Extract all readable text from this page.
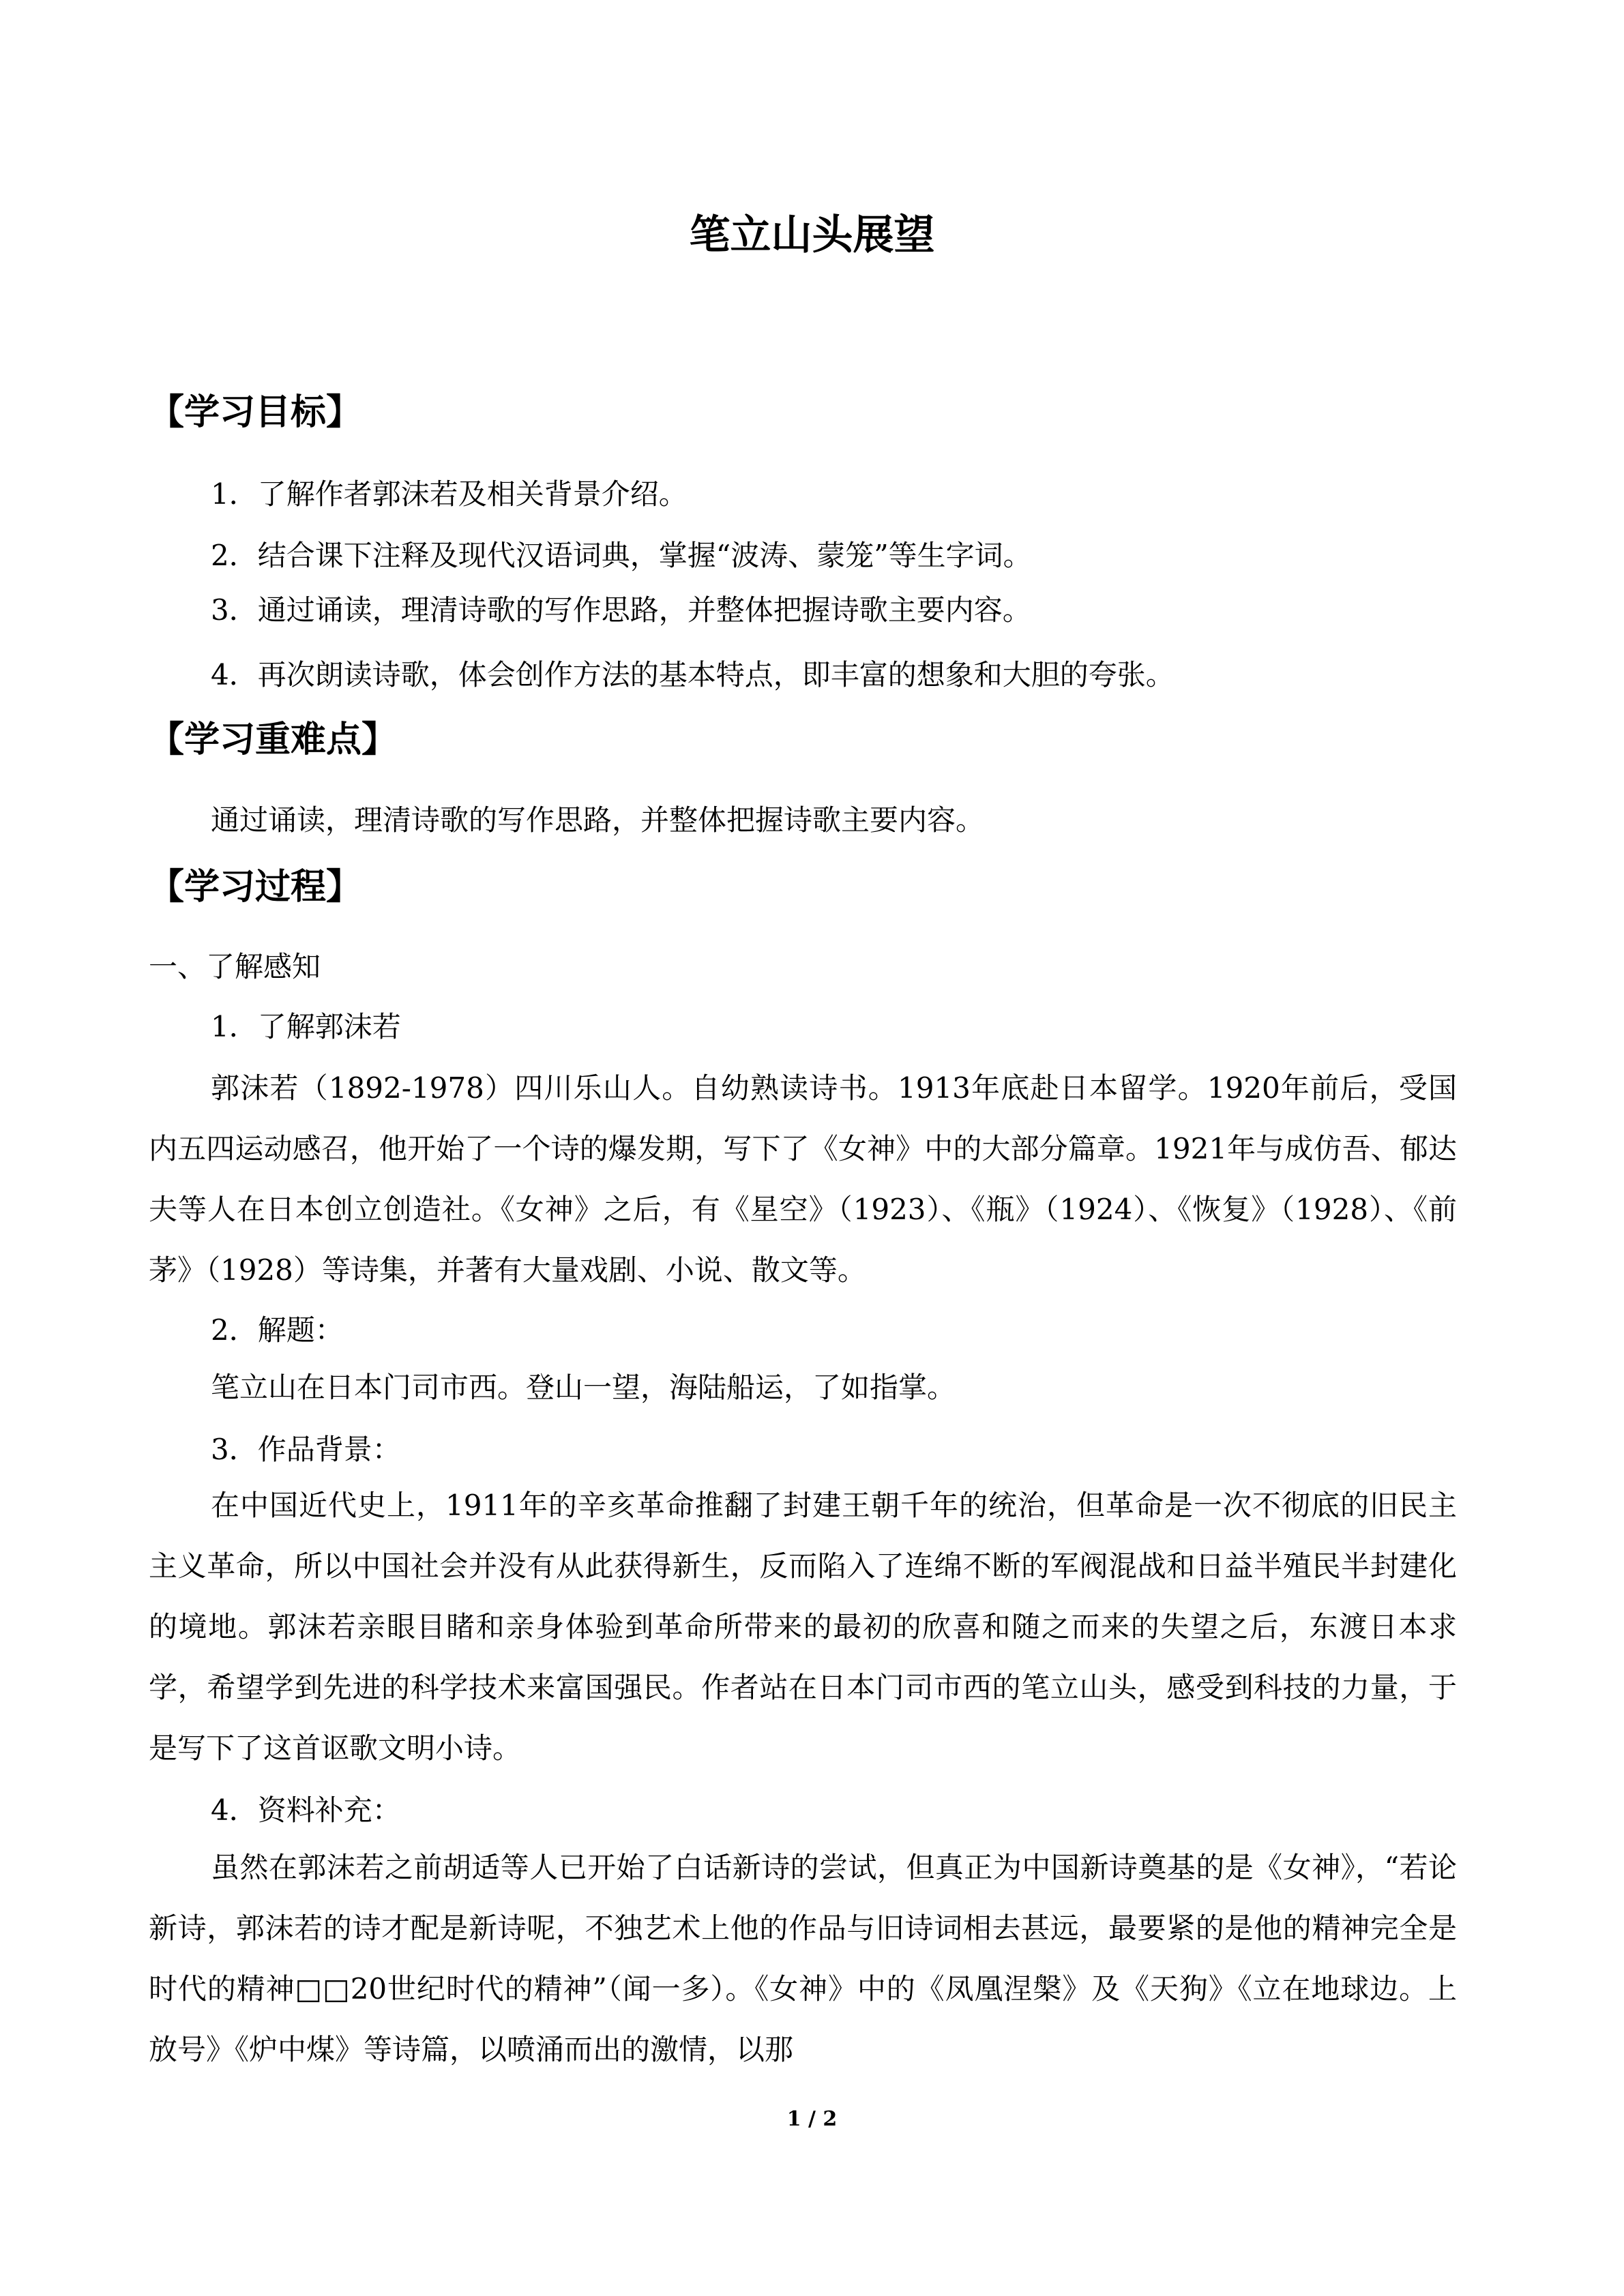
笔立山头展望
【学习目标】
1．了解作者郭沫若及相关背景介绍。
2．结合课下注释及现代汉语词典，掌握“波涛、蒙笼”等生字词。
3．通过诵读，理清诗歌的写作思路，并整体把握诗歌主要内容。
4．再次朗读诗歌，体会创作方法的基本特点，即丰富的想象和大胆的夸张。
【学习重难点】
通过诵读，理清诗歌的写作思路，并整体把握诗歌主要内容。
【学习过程】
一、了解感知
1．了解郭沫若
郭沫若（1892-1978）四川乐山人。自幼熟读诗书。1913年底赴日本留学。1920年前后，受国内五四运动感召，他开始了一个诗的爆发期，写下了《女神》中的大部分篇章。1921年与成仿吾、郁达夫等人在日本创立创造社。《女神》之后，有《星空》（1923）、《瓶》（1924）、《恢复》（1928）、《前茅》（1928）等诗集，并著有大量戏剧、小说、散文等。
2．解题：
笔立山在日本门司市西。登山一望，海陆船运，了如指掌。
3．作品背景：
在中国近代史上，1911年的辛亥革命推翻了封建王朝千年的统治，但革命是一次不彻底的旧民主主义革命，所以中国社会并没有从此获得新生，反而陷入了连绵不断的军阀混战和日益半殖民半封建化的境地。郭沫若亲眼目睹和亲身体验到革命所带来的最初的欣喜和随之而来的失望之后，东渡日本求学，希望学到先进的科学技术来富国强民。作者站在日本门司市西的笔立山头，感受到科技的力量，于是写下了这首讴歌文明小诗。
4．资料补充：
虽然在郭沫若之前胡适等人已开始了白话新诗的尝试，但真正为中国新诗奠基的是《女神》，“若论新诗，郭沫若的诗才配是新诗呢，不独艺术上他的作品与旧诗词相去甚远，最要紧的是他的精神完全是时代的精神□□20世纪时代的精神”（闻一多）。《女神》中的《凤凰涅槃》及《天狗》《立在地球边。上放号》《炉中煤》等诗篇，以喷涌而出的激情，以那
1 / 2
